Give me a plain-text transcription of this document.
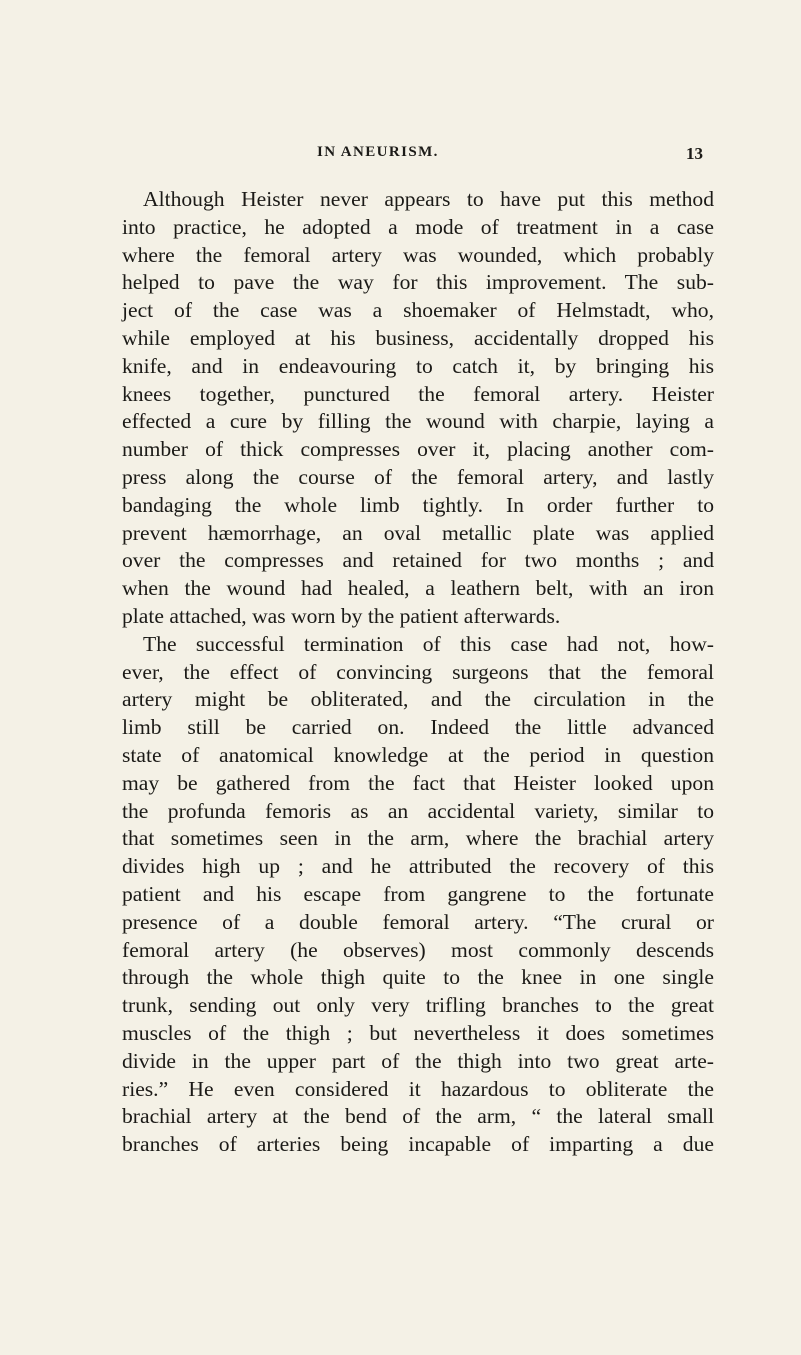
IN ANEURISM.	13
Although Heister never appears to have put this method
into practice, he adopted a mode of treatment in a case
where the femoral artery was wounded, which probably
helped to pave the way for this improvement. The sub-
ject of the case was a shoemaker of Helmstadt, who,
while employed at his business, accidentally dropped his
knife, and in endeavouring to catch it, by bringing his
knees together, punctured the femoral artery. Heister
effected a cure by filling the wound with charpie, laying a
number of thick compresses over it, placing another com-
press along the course of the femoral artery, and lastly
bandaging the whole limb tightly. In order further to
prevent hæmorrhage, an oval metallic plate was applied
over the compresses and retained for two months ; and
when the wound had healed, a leathern belt, with an iron
plate attached, was worn by the patient afterwards.
The successful termination of this case had not, how-
ever, the effect of convincing surgeons that the femoral
artery might be obliterated, and the circulation in the
limb still be carried on. Indeed the little advanced
state of anatomical knowledge at the period in question
may be gathered from the fact that Heister looked upon
the profunda femoris as an accidental variety, similar to
that sometimes seen in the arm, where the brachial artery
divides high up ; and he attributed the recovery of this
patient and his escape from gangrene to the fortunate
presence of a double femoral artery. “The crural or
femoral artery (he observes) most commonly descends
through the whole thigh quite to the knee in one single
trunk, sending out only very trifling branches to the great
muscles of the thigh ; but nevertheless it does sometimes
divide in the upper part of the thigh into two great arte-
ries.” He even considered it hazardous to obliterate the
brachial artery at the bend of the arm, “ the lateral small
branches of arteries being incapable of imparting a due
